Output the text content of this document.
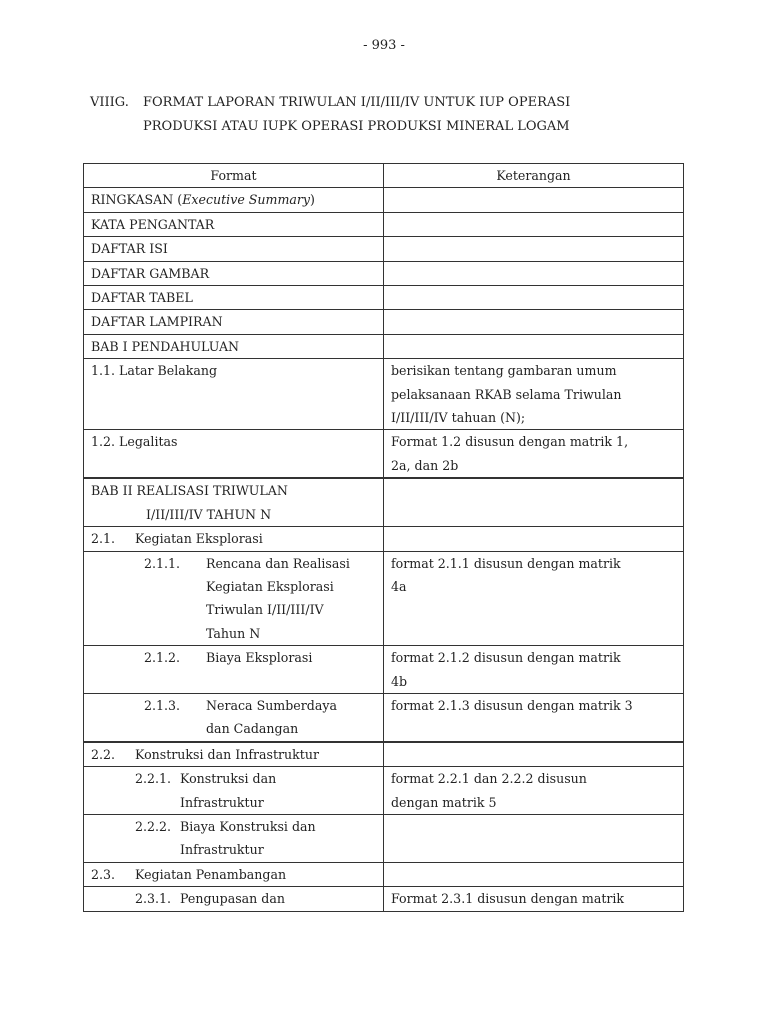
- 993 -
VIIIG. FORMAT LAPORAN TRIWULAN I/II/III/IV UNTUK IUP OPERASI
PRODUKSI ATAU IUPK OPERASI PRODUKSI MINERAL LOGAM
Format	Keterangan

RINGKASAN (Executive Summary)	

KATA PENGANTAR	

DAFTAR ISI	

DAFTAR GAMBAR	

DAFTAR TABEL	

DAFTAR LAMPIRAN	

BAB I PENDAHULUAN	

1.1. Latar Belakang	berisikan tentang gambaran umum
pelaksanaan RKAB selama Triwulan
I/II/III/IV tahuan (N);

1.2. Legalitas	Format 1.2 disusun dengan matrik 1,
2a, dan 2b

BAB II REALISASI TRIWULAN
I/II/III/IV TAHUN N	

2.1. Kegiatan Eksplorasi	

2.1.1. Rencana dan Realisasi
Kegiatan Eksplorasi
Triwulan I/II/III/IV
Tahun N	format 2.1.1 disusun dengan matrik
4a

2.1.2. Biaya Eksplorasi	format 2.1.2 disusun dengan matrik
4b

2.1.3. Neraca Sumberdaya
dan Cadangan	format 2.1.3 disusun dengan matrik 3

2.2. Konstruksi dan Infrastruktur	

2.2.1. Konstruksi dan
Infrastruktur	format 2.2.1 dan 2.2.2 disusun
dengan matrik 5

2.2.2. Biaya Konstruksi dan
Infrastruktur	

2.3. Kegiatan Penambangan	

2.3.1. Pengupasan dan	Format 2.3.1 disusun dengan matrik
